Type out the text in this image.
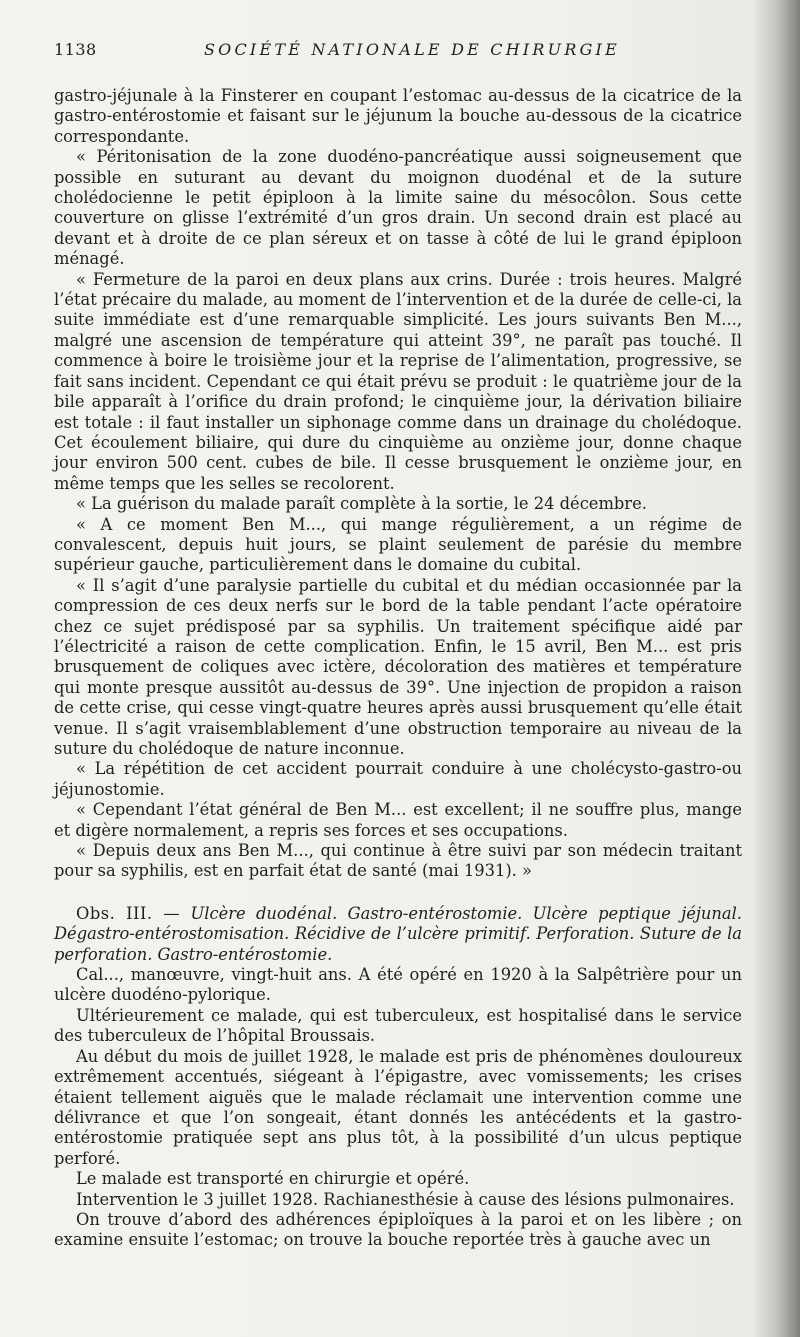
1138	SOCIÉTÉ NATIONALE DE CHIRURGIE

gastro-jéjunale à la Finsterer en coupant l’estomac au-dessus de la cicatrice de la gastro-entérostomie et faisant sur le jéjunum la bouche au-dessous de la cicatrice correspondante.

« Péritonisation de la zone duodéno-pancréatique aussi soigneusement que possible en suturant au devant du moignon duodénal et de la suture cholédocienne le petit épiploon à la limite saine du mésocôlon. Sous cette couverture on glisse l’extrémité d’un gros drain. Un second drain est placé au devant et à droite de ce plan séreux et on tasse à côté de lui le grand épiploon ménagé.

« Fermeture de la paroi en deux plans aux crins. Durée : trois heures. Malgré l’état précaire du malade, au moment de l’intervention et de la durée de celle-ci, la suite immédiate est d’une remarquable simplicité. Les jours suivants Ben M..., malgré une ascension de température qui atteint 39°, ne paraît pas touché. Il commence à boire le troisième jour et la reprise de l’alimentation, progressive, se fait sans incident. Cependant ce qui était prévu se produit : le quatrième jour de la bile apparaît à l’orifice du drain profond; le cinquième jour, la dérivation biliaire est totale : il faut installer un siphonage comme dans un drainage du cholédoque. Cet écoulement biliaire, qui dure du cinquième au onzième jour, donne chaque jour environ 500 cent. cubes de bile. Il cesse brusquement le onzième jour, en même temps que les selles se recolorent.

« La guérison du malade paraît complète à la sortie, le 24 décembre.

« A ce moment Ben M..., qui mange régulièrement, a un régime de convalescent, depuis huit jours, se plaint seulement de parésie du membre supérieur gauche, particulièrement dans le domaine du cubital.

« Il s’agit d’une paralysie partielle du cubital et du médian occasionnée par la compression de ces deux nerfs sur le bord de la table pendant l’acte opératoire chez ce sujet prédisposé par sa syphilis. Un traitement spécifique aidé par l’électricité a raison de cette complication. Enfin, le 15 avril, Ben M... est pris brusquement de coliques avec ictère, décoloration des matières et température qui monte presque aussitôt au-dessus de 39°. Une injection de propidon a raison de cette crise, qui cesse vingt-quatre heures après aussi brusquement qu’elle était venue. Il s’agit vraisemblablement d’une obstruction temporaire au niveau de la suture du cholédoque de nature inconnue.

« La répétition de cet accident pourrait conduire à une cholécysto-gastro-ou jéjunostomie.

« Cependant l’état général de Ben M... est excellent; il ne souffre plus, mange et digère normalement, a repris ses forces et ses occupations.

« Depuis deux ans Ben M..., qui continue à être suivi par son médecin traitant pour sa syphilis, est en parfait état de santé (mai 1931). »

Obs. III. — Ulcère duodénal. Gastro-entérostomie. Ulcère peptique jéjunal. Dégastro-entérostomisation. Récidive de l’ulcère primitif. Perforation. Suture de la perforation. Gastro-entérostomie.

Cal..., manœuvre, vingt-huit ans. A été opéré en 1920 à la Salpêtrière pour un ulcère duodéno-pylorique.

Ultérieurement ce malade, qui est tuberculeux, est hospitalisé dans le service des tuberculeux de l’hôpital Broussais.

Au début du mois de juillet 1928, le malade est pris de phénomènes douloureux extrêmement accentués, siégeant à l’épigastre, avec vomissements; les crises étaient tellement aiguës que le malade réclamait une intervention comme une délivrance et que l’on songeait, étant donnés les antécédents et la gastro-entérostomie pratiquée sept ans plus tôt, à la possibilité d’un ulcus peptique perforé.

Le malade est transporté en chirurgie et opéré.

Intervention le 3 juillet 1928. Rachianesthésie à cause des lésions pulmonaires.

On trouve d’abord des adhérences épiploïques à la paroi et on les libère ; on examine ensuite l’estomac; on trouve la bouche reportée très à gauche avec un
